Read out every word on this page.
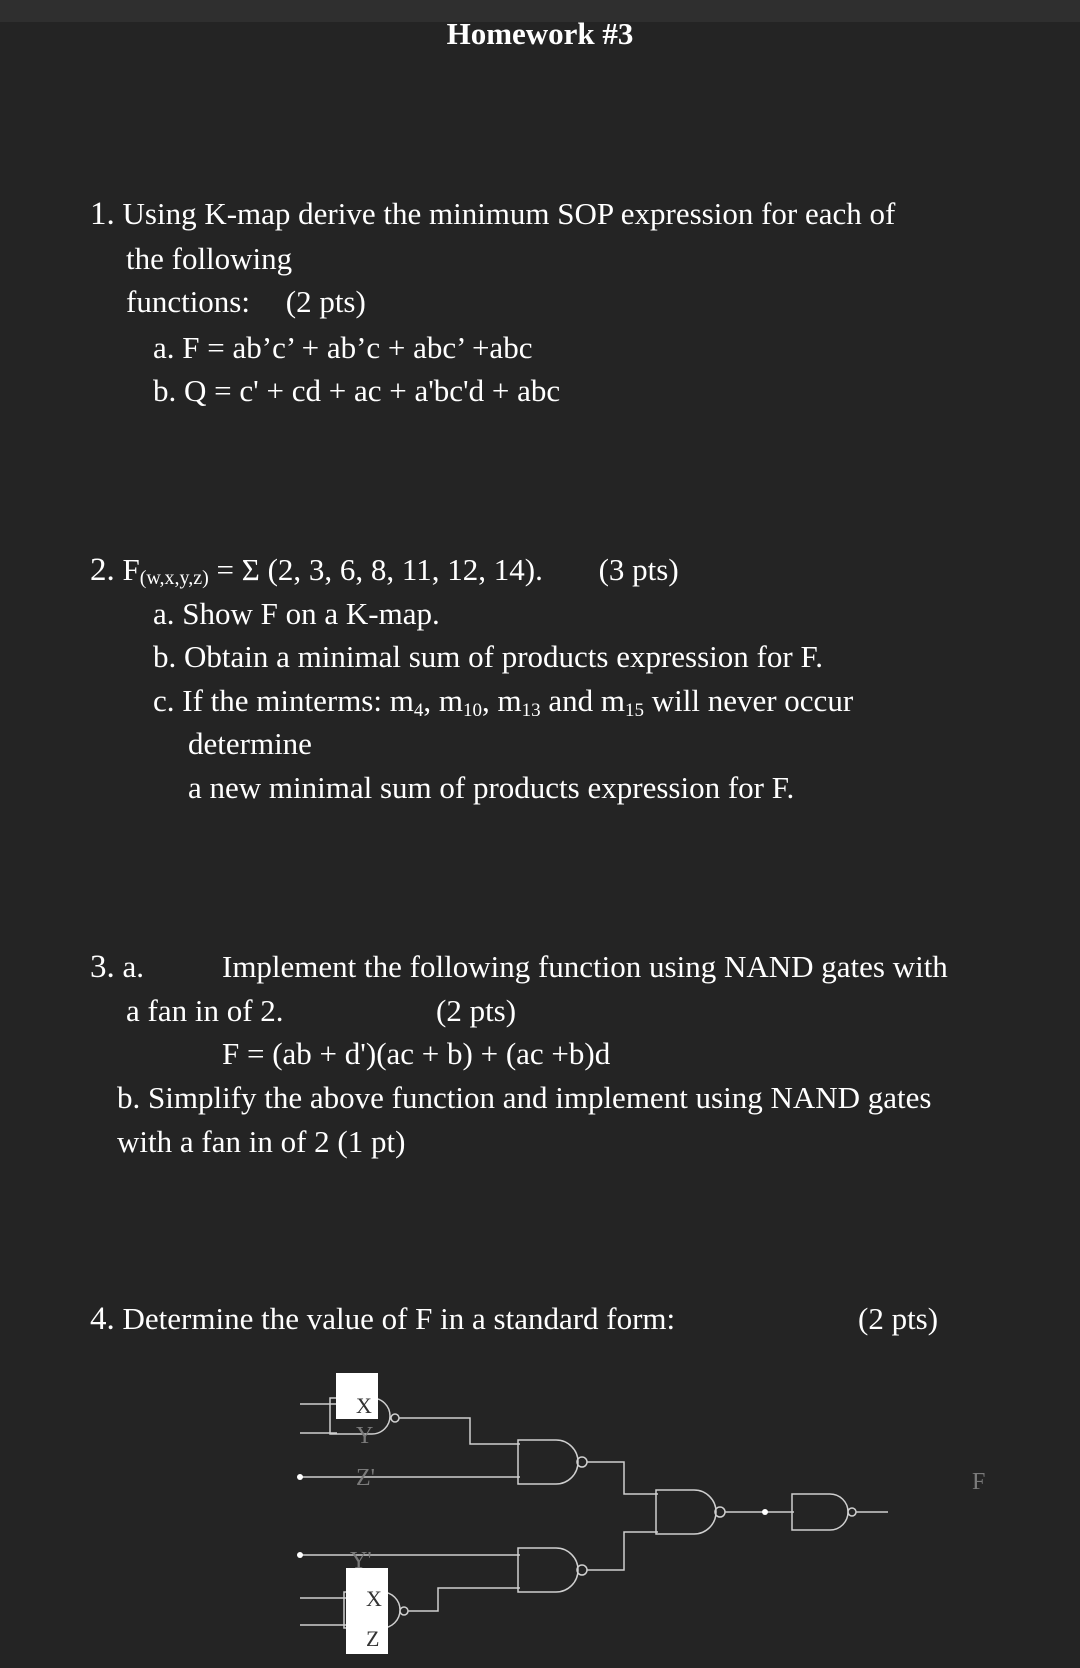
Homework #3
1. Using K-map derive the minimum SOP expression for each of
the following
functions: (2 pts)
a. F = ab’c’ + ab’c + abc’ +abc
b. Q = c' + cd + ac + a'bc'd + abc
2. $F_{(w,x,y,z)} = \Sigma$ (2, 3, 6, 8, 11, 12, 14). (3 pts)
a. Show F on a K-map.
b. Obtain a minimal sum of products expression for F.
c. If the minterms: $m_4$, $m_{10}$, $m_{13}$ and $m_{15}$ will never occur
determine
a new minimal sum of products expression for F.
3. a.	Implement the following function using NAND gates with
a fan in of 2.	(2 pts)
F = (ab + d')(ac + b) + (ac +b)d
b. Simplify the above function and implement using NAND gates
with a fan in of 2 (1 pt)
4. Determine the value of F in a standard form:	(2 pts)
X
Y
Z'
Y'
X
Z
F
